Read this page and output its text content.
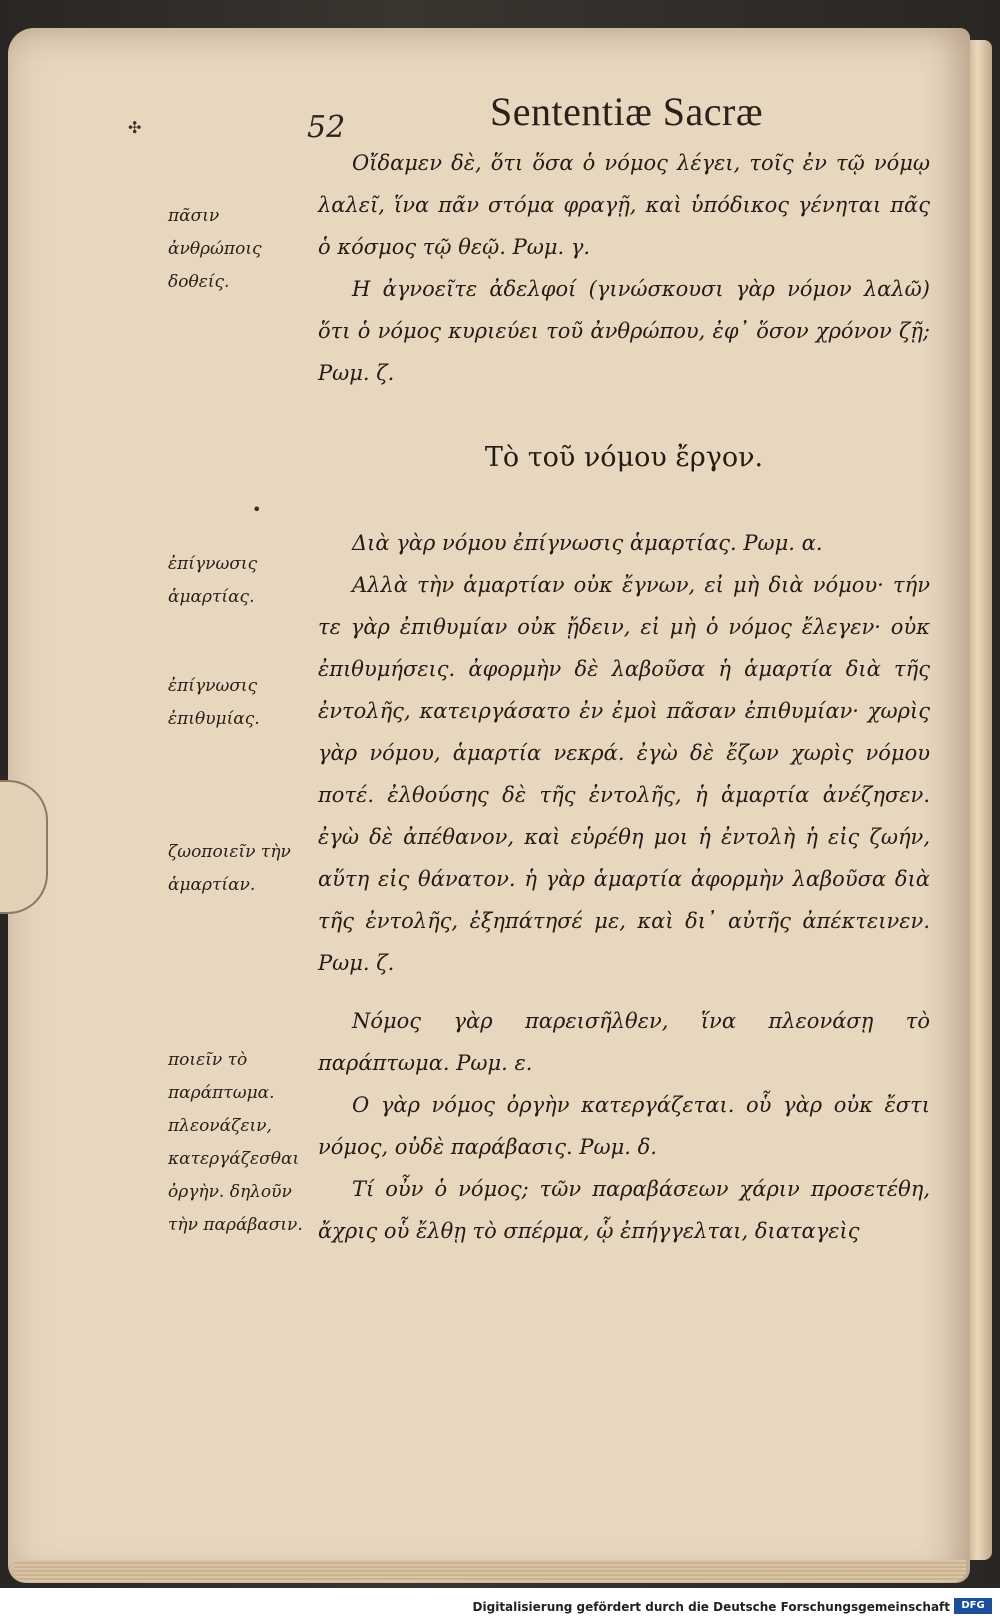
52	Sententiæ Sacræ
✣
•
πᾶσιν ἀνθρώποις δοθείς.
ἐπίγνωσις ἁμαρτίας.
ἐπίγνωσις ἐπιθυμίας.
ζωοποιεῖν τὴν ἁμαρτίαν.
ποιεῖν τὸ παράπτωμα. πλεονάζειν, κατεργάζεσθαι ὀργὴν. δηλοῦν τὴν παράβασιν.

Οἴδαμεν δὲ, ὅτι ὅσα ὁ νόμος λέγει, τοῖς ἐν τῷ νόμῳ λαλεῖ, ἵνα πᾶν στόμα φραγῇ, καὶ ὑπόδικος γένηται πᾶς ὁ κόσμος τῷ θεῷ. Ρωμ. γ.

Η ἀγνοεῖτε ἀδελφοί (γινώσκουσι γὰρ νόμον λαλῶ) ὅτι ὁ νόμος κυριεύει τοῦ ἀνθρώπου, ἐφ᾽ ὅσον χρόνον ζῇ; Ρωμ. ζ.

Τὸ τοῦ νόμου ἔργον.

Διὰ γὰρ νόμου ἐπίγνωσις ἁμαρτίας. Ρωμ. α.

Αλλὰ τὴν ἁμαρτίαν οὐκ ἔγνων, εἰ μὴ διὰ νόμου· τήν τε γὰρ ἐπιθυμίαν οὐκ ᾔδειν, εἰ μὴ ὁ νόμος ἔλεγεν· οὐκ ἐπιθυμήσεις. ἀφορμὴν δὲ λαβοῦσα ἡ ἁμαρτία διὰ τῆς ἐντολῆς, κατειργάσατο ἐν ἐμοὶ πᾶσαν ἐπιθυμίαν· χωρὶς γὰρ νόμου, ἁμαρτία νεκρά. ἐγὼ δὲ ἔζων χωρὶς νόμου ποτέ. ἐλθούσης δὲ τῆς ἐντολῆς, ἡ ἁμαρτία ἀνέζησεν. ἐγὼ δὲ ἀπέθανον, καὶ εὑρέθη μοι ἡ ἐντολὴ ἡ εἰς ζωήν, αὕτη εἰς θάνατον. ἡ γὰρ ἁμαρτία ἀφορμὴν λαβοῦσα διὰ τῆς ἐντολῆς, ἐξηπάτησέ με, καὶ δι᾽ αὐτῆς ἀπέκτεινεν. Ρωμ. ζ.

Νόμος γὰρ παρεισῆλθεν, ἵνα πλεονάσῃ τὸ παράπτωμα. Ρωμ. ε.

Ο γὰρ νόμος ὀργὴν κατεργάζεται. οὗ γὰρ οὐκ ἔστι νόμος, οὐδὲ παράβασις. Ρωμ. δ.

Τί οὖν ὁ νόμος; τῶν παραβάσεων χάριν προσετέθη, ἄχρις οὗ ἔλθῃ τὸ σπέρμα, ᾧ ἐπήγγελται, διαταγεὶς

Digitalisierung gefördert durch die Deutsche Forschungsgemeinschaft	DFG
